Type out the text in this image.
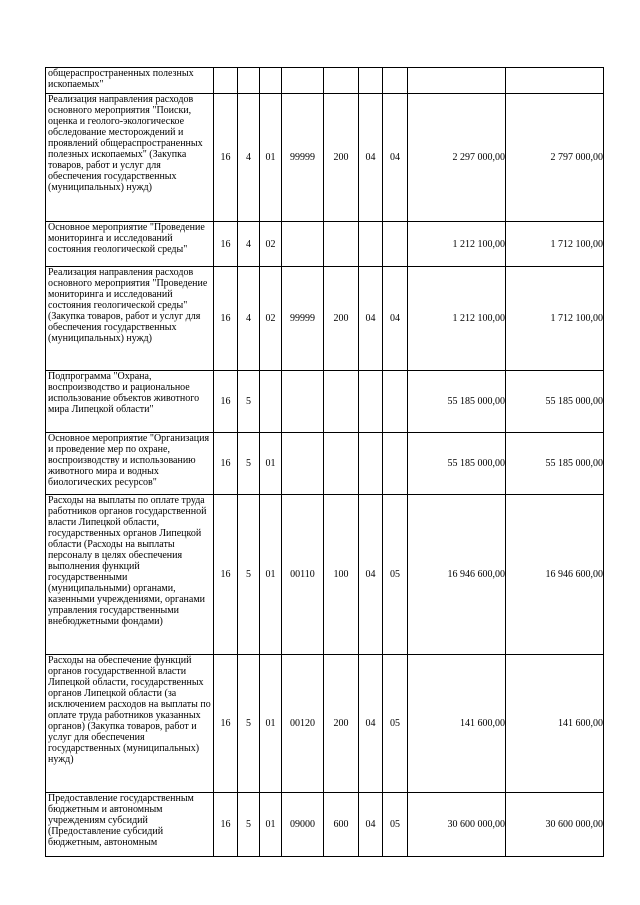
общераспространенных полезных ископаемых"									
Реализация направления расходов основного мероприятия "Поиски, оценка и геолого-экологическое обследование месторождений и проявлений общераспространенных полезных ископаемых" (Закупка товаров, работ и услуг для обеспечения государственных (муниципальных) нужд)	16	4	01	99999	200	04	04	2 297 000,00	2 797 000,00
Основное мероприятие "Проведение мониторинга и исследований состояния геологической среды"	16	4	02					1 212 100,00	1 712 100,00
Реализация направления расходов основного мероприятия "Проведение мониторинга и исследований состояния геологической среды" (Закупка товаров, работ и услуг для обеспечения государственных (муниципальных) нужд)	16	4	02	99999	200	04	04	1 212 100,00	1 712 100,00
Подпрограмма "Охрана, воспроизводство и рациональное использование объектов животного мира Липецкой области"	16	5						55 185 000,00	55 185 000,00
Основное мероприятие "Организация и проведение мер по охране, воспроизводству и использованию животного мира и водных биологических ресурсов"	16	5	01					55 185 000,00	55 185 000,00
Расходы на выплаты по оплате труда работников органов государственной власти Липецкой области, государственных органов Липецкой области (Расходы на выплаты персоналу в целях обеспечения выполнения функций государственными (муниципальными) органами, казенными учреждениями, органами управления государственными внебюджетными фондами)	16	5	01	00110	100	04	05	16 946 600,00	16 946 600,00
Расходы на обеспечение функций органов государственной власти Липецкой области, государственных органов Липецкой области (за исключением расходов на выплаты по оплате труда работников указанных органов) (Закупка товаров, работ и услуг для обеспечения государственных (муниципальных) нужд)	16	5	01	00120	200	04	05	141 600,00	141 600,00
Предоставление государственным бюджетным и автономным учреждениям субсидий (Предоставление субсидий бюджетным, автономным	16	5	01	09000	600	04	05	30 600 000,00	30 600 000,00
